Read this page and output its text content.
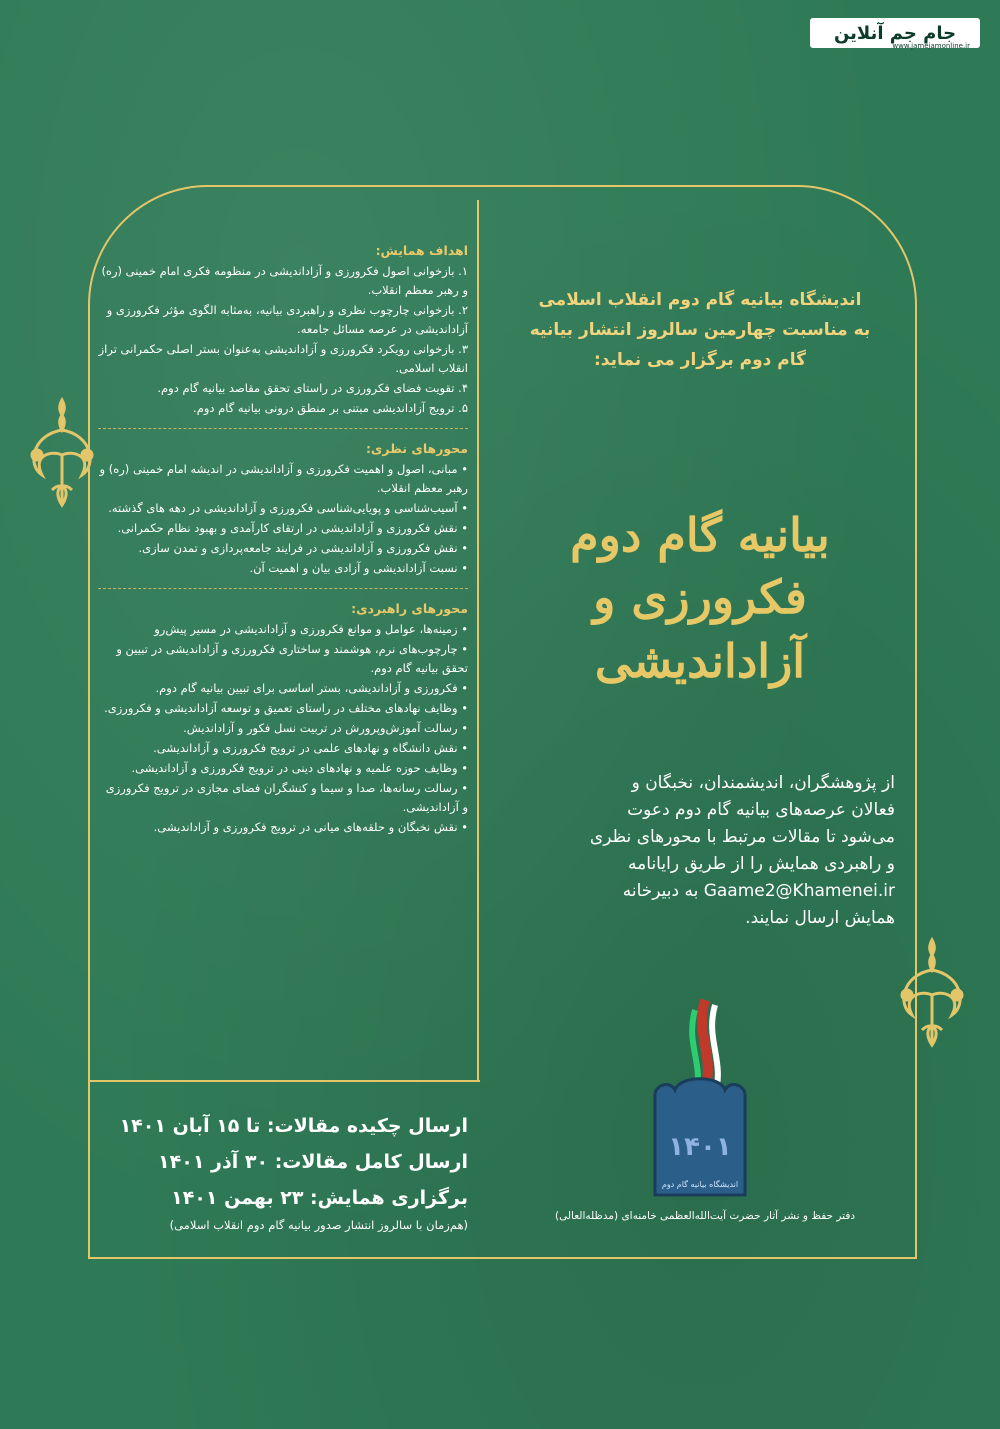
جام جم آنلاین
www.jamejamonline.ir
اهداف همایش:
۱. بازخوانی اصول فکرورزی و آزاداندیشی در منظومه فکری امام خمینی (ره) و رهبر معظم انقلاب.
۲. بازخوانی چارچوب نظری و راهبردی بیانیه، به‌مثابه الگوی مؤثر فکرورزی و آزاداندیشی در عرصه مسائل جامعه.
۳. بازخوانی رویکرد فکرورزی و آزاداندیشی به‌عنوان بستر اصلی حکمرانی تراز انقلاب اسلامی.
۴. تقویت فضای فکرورزی در راستای تحقق مقاصد بیانیه گام دوم.
۵. ترویج آزاداندیشی مبتنی بر منطق درونی بیانیه گام دوم.
محورهای نظری:
• مبانی، اصول و اهمیت فکرورزی و آزاداندیشی در اندیشه امام خمینی (ره) و رهبر معظم انقلاب.
• آسیب‌شناسی و پویایی‌شناسی فکرورزی و آزاداندیشی در دهه های گذشته.
• نقش فکرورزی و آزاداندیشی در ارتقای کارآمدی و بهبود نظام حکمرانی.
• نقش فکرورزی و آزاداندیشی در فرایند جامعه‌پردازی و تمدن سازی.
• نسبت آزاداندیشی و آزادی بیان و اهمیت آن.
محورهای راهبردی:
• زمینه‌ها، عوامل و موانع فکرورزی و آزاداندیشی در مسیر پیش‌رو
• چارچوب‌های نرم، هوشمند و ساختاری فکرورزی و آزاداندیشی در تبیین و تحقق بیانیه گام دوم.
• فکرورزی و آزاداندیشی، بستر اساسی برای تبیین بیانیه گام دوم.
• وظایف نهادهای مختلف در راستای تعمیق و توسعه آزاداندیشی و فکرورزی.
• رسالت آموزش‌وپرورش در تربیت نسل فکور و آزاداندیش.
• نقش دانشگاه و نهادهای علمی در ترویج فکرورزی و آزاداندیشی.
• وظایف حوزه علمیه و نهادهای دینی در ترویج فکرورزی و آزاداندیشی.
• رسالت رسانه‌ها، صدا و سیما و کنشگران فضای مجازی در ترویج فکرورزی و آزاداندیشی.
• نقش نخبگان و حلقه‌های میانی در ترویج فکرورزی و آزاداندیشی.
اندیشگاه بیانیه گام دوم انقلاب اسلامی
به مناسبت چهارمین سالروز انتشار بیانیه
گام دوم برگزار می نماید:
بیانیه گام دوم
فکرورزی و آزاداندیشی
از پژوهشگران، اندیشمندان، نخبگان و
فعالان عرصه‌های بیانیه گام دوم دعوت
می‌شود تا مقالات مرتبط با محورهای نظری
و راهبردی همایش را از طریق رایانامه
Gaame2@Khamenei.ir به دبیرخانه
همایش ارسال نمایند.
ارسال چکیده مقالات: تا ۱۵ آبان ۱۴۰۱
ارسال کامل مقالات: ۳۰ آذر ۱۴۰۱
برگزاری همایش: ۲۳ بهمن ۱۴۰۱
(هم‌زمان با سالروز انتشار صدور بیانیه گام دوم انقلاب اسلامی)
۱۴۰۱
اندیشگاه بیانیه گام دوم
دفتر حفظ و نشر آثار حضرت آیت‌الله‌العظمی خامنه‌ای (مدظله‌العالی)
